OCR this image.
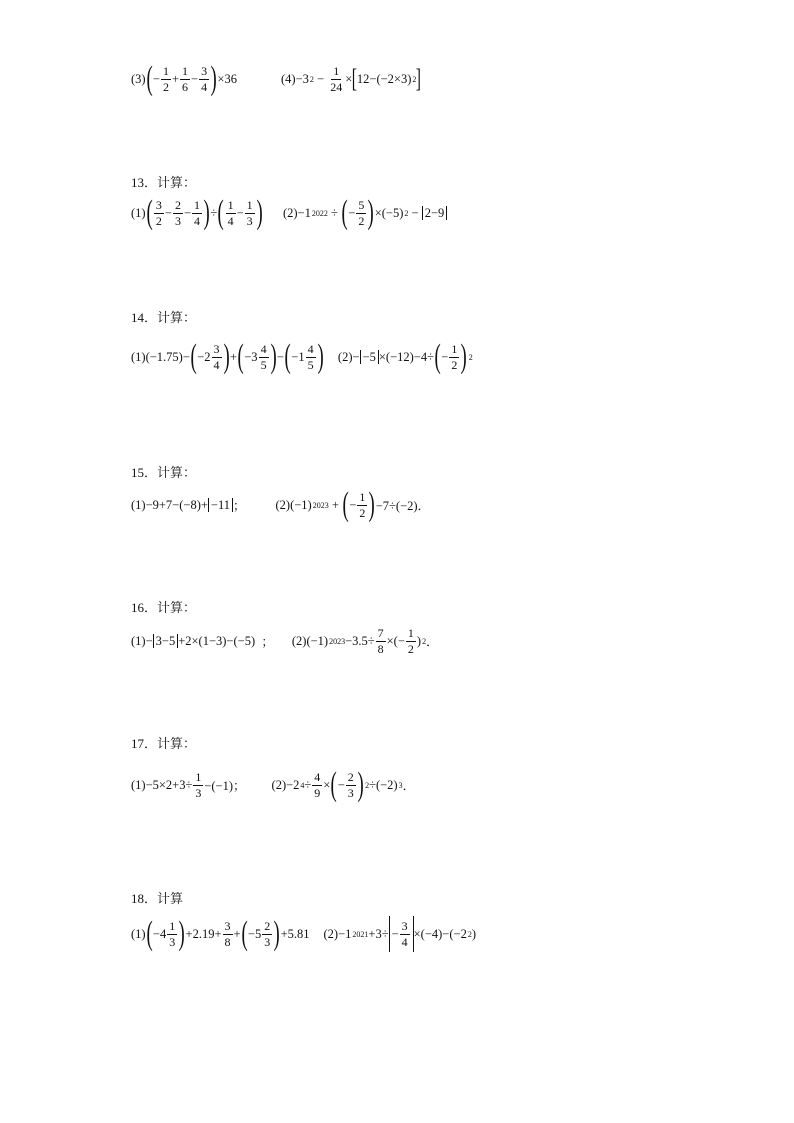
(3) ( − $\frac{1}{2} + \frac{1}{6} - \frac{3}{4}$ ) ×36	(4) −3 $2 - \frac{1}{24}$ × [ 12−(−2×3) 2 ]
13．计算：
(1) ( $\frac{3}{2} - \frac{2}{3} - \frac{1}{4}$ ) ÷ ( $\frac{1}{4} - \frac{1}{3}$ ) (2) −1 2022 ÷ ( − $\frac{5}{2}$ ) ×(−5) 2 − 2−9
14．计算：
(1) (−1.75) − ( $-2 \frac{3}{4}$ ) + ( $-3 \frac{4}{5}$ ) − ( $-1 \frac{4}{5}$ ) (2) − −5 ×(−12)−4÷ ( − $\frac{1}{2}$ ) 2
15．计算：
(1) −9+7−(−8)+ −11 ； (2) (−1) 2023 + ( − $\frac{1}{2}$ ) −7÷(−2)．
16．计算：
(1) − 3−5 +2×(1−3)−(−5)
； (2) (−1) $2023 -3.5\div \frac{7}{8}$ ×(− $\frac{1}{2}$ ) 2 ．
17．计算：
$(1) -5\times 2+3\div \frac{1}{3} -(-1)$； (2) −2 $4 \div \frac{4}{9}$ × ( − $\frac{2}{3}$ ) 2 ÷(−2) 3 ．
18．计算
(1) ( $-4 \frac{1}{3}$ ) $+2.19+ \frac{3}{8}$ + ( $-5 \frac{2}{3}$ ) +5.81 (2) −1 $2021 +3\div - \frac{3}{4} \times(-4)-$ ( −2 2 )
